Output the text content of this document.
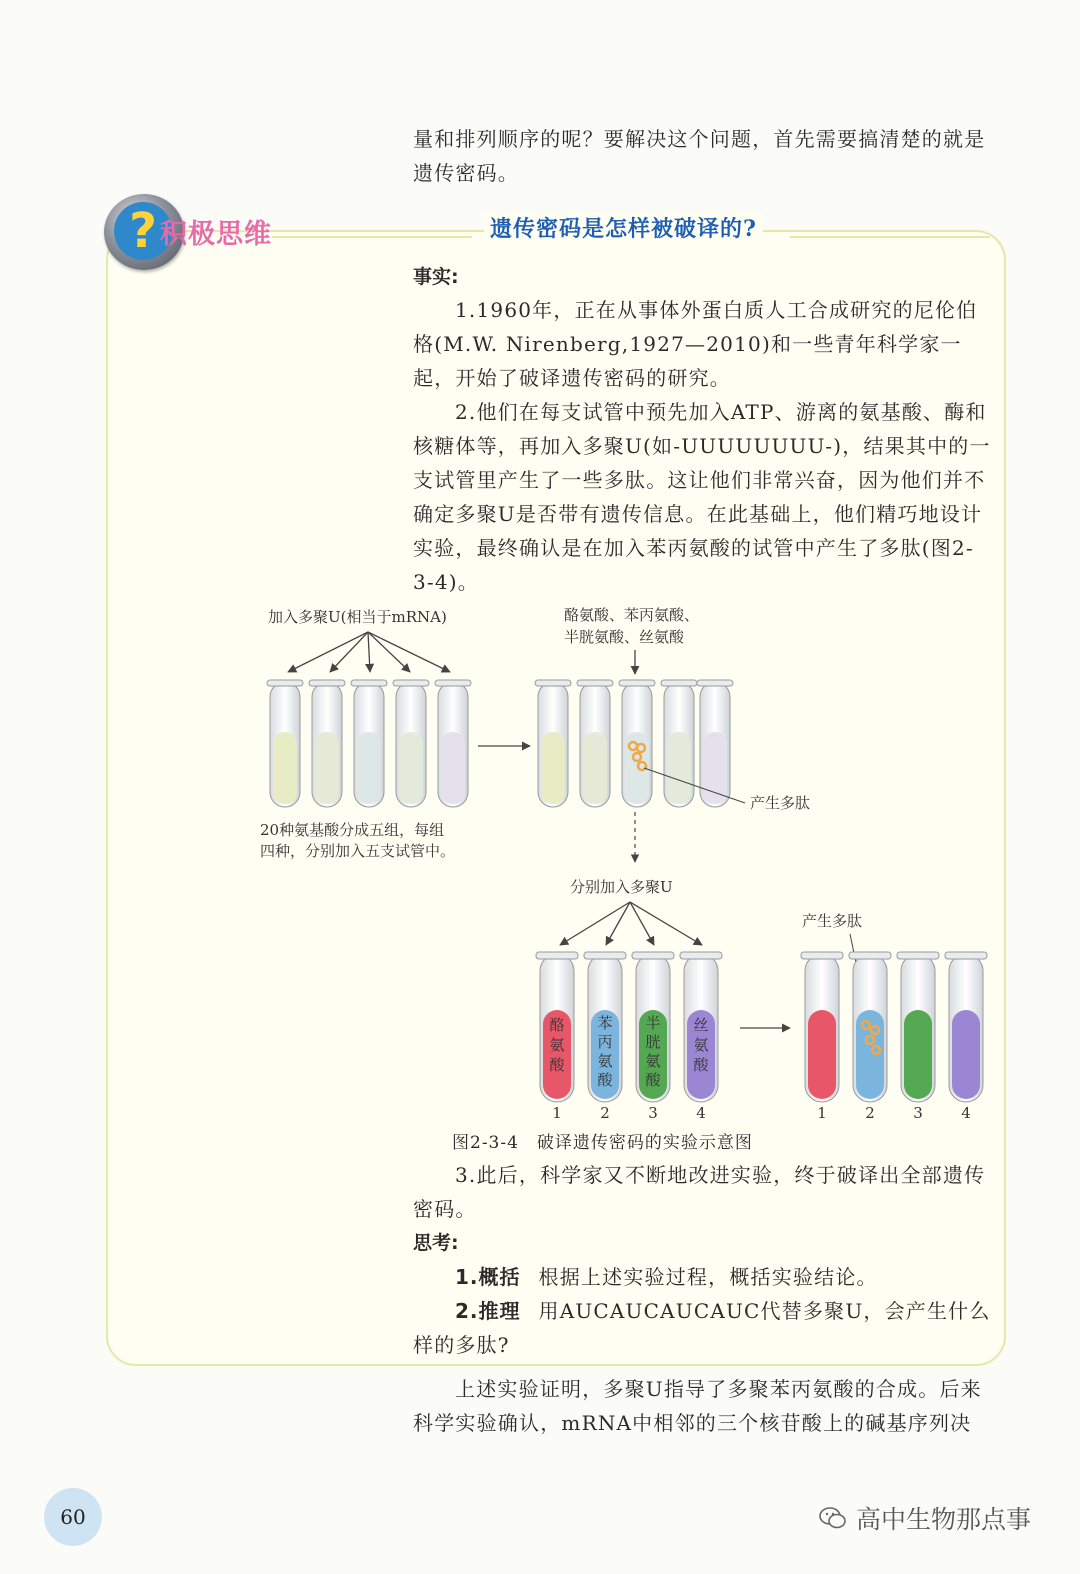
量和排列顺序的呢？要解决这个问题，首先需要搞清楚的就是
遗传密码。
? 积极思维	遗传密码是怎样被破译的?
事实:
1.1960年，正在从事体外蛋白质人工合成研究的尼伦伯格(M.W. Nirenberg,1927—2010)和一些青年科学家一起，开始了破译遗传密码的研究。
2.他们在每支试管中预先加入ATP、游离的氨基酸、酶和核糖体等，再加入多聚U(如-UUUUUUUU-)，结果其中的一支试管里产生了一些多肽。这让他们非常兴奋，因为他们并不确定多聚U是否带有遗传信息。在此基础上，他们精巧地设计实验，最终确认是在加入苯丙氨酸的试管中产生了多肽(图2-3-4)。
加入多聚U(相当于mRNA)
20种氨基酸分成五组，每组
四种，分别加入五支试管中。
酪氨酸、苯丙氨酸、
半胱氨酸、丝氨酸
产生多肽
分别加入多聚U
酪氨酸
苯丙氨酸
半胱氨酸
丝氨酸
1	2	3	4
产生多肽
1	2	3	4
图2-3-4　破译遗传密码的实验示意图
3.此后，科学家又不断地改进实验，终于破译出全部遗传密码。
思考:
1.概括 根据上述实验过程，概括实验结论。
2.推理 用AUCAUCAUCAUC代替多聚U，会产生什么样的多肽?
上述实验证明，多聚U指导了多聚苯丙氨酸的合成。后来科学实验确认，mRNA中相邻的三个核苷酸上的碱基序列决
60	高中生物那点事
